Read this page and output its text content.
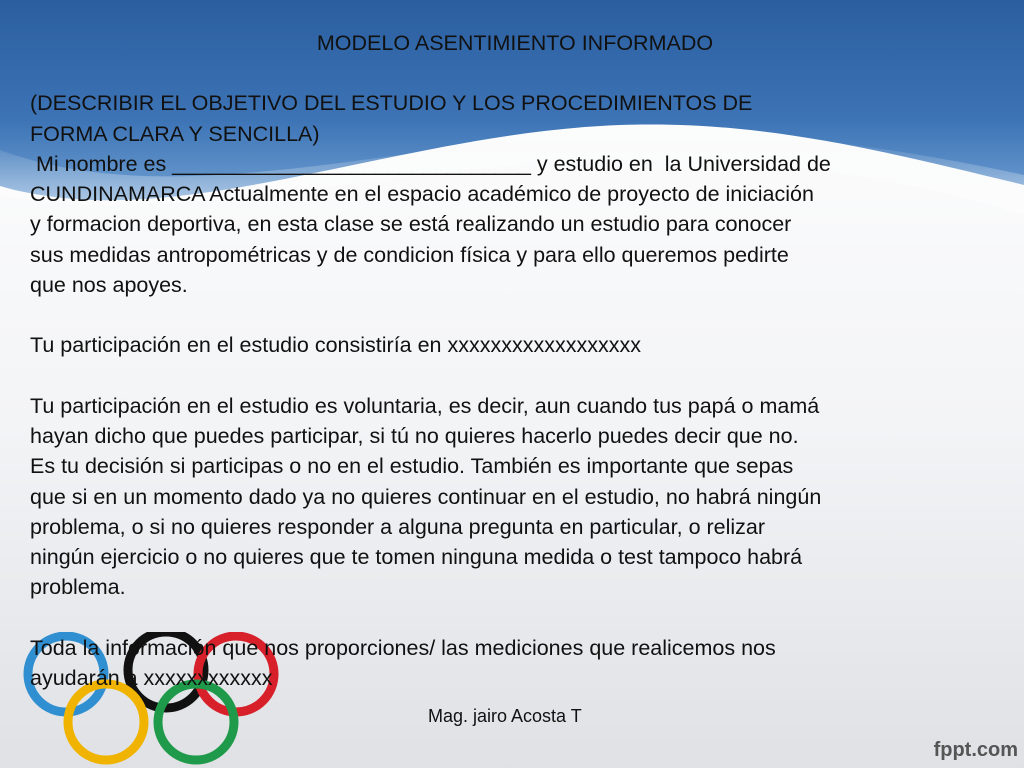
MODELO ASENTIMIENTO INFORMADO
(DESCRIBIR EL OBJETIVO DEL ESTUDIO Y LOS PROCEDIMIENTOS DE
FORMA CLARA Y SENCILLA)
Mi nombre es ______________________________ y estudio en  la Universidad de
CUNDINAMARCA Actualmente en el espacio académico de proyecto de iniciación
y formacion deportiva, en esta clase se está realizando un estudio para conocer
sus medidas antropométricas y de condicion física y para ello queremos pedirte
que nos apoyes.
Tu participación en el estudio consistiría en xxxxxxxxxxxxxxxxxx
Tu participación en el estudio es voluntaria, es decir, aun cuando tus papá o mamá
hayan dicho que puedes participar, si tú no quieres hacerlo puedes decir que no.
Es tu decisión si participas o no en el estudio. También es importante que sepas
que si en un momento dado ya no quieres continuar en el estudio, no habrá ningún
problema, o si no quieres responder a alguna pregunta en particular, o relizar
ningún ejercicio o no quieres que te tomen ninguna medida o test tampoco habrá
problema.
Toda la información que nos proporciones/ las mediciones que realicemos nos
ayudarán a xxxxxxxxxxxx
Mag. jairo Acosta T
fppt.com
